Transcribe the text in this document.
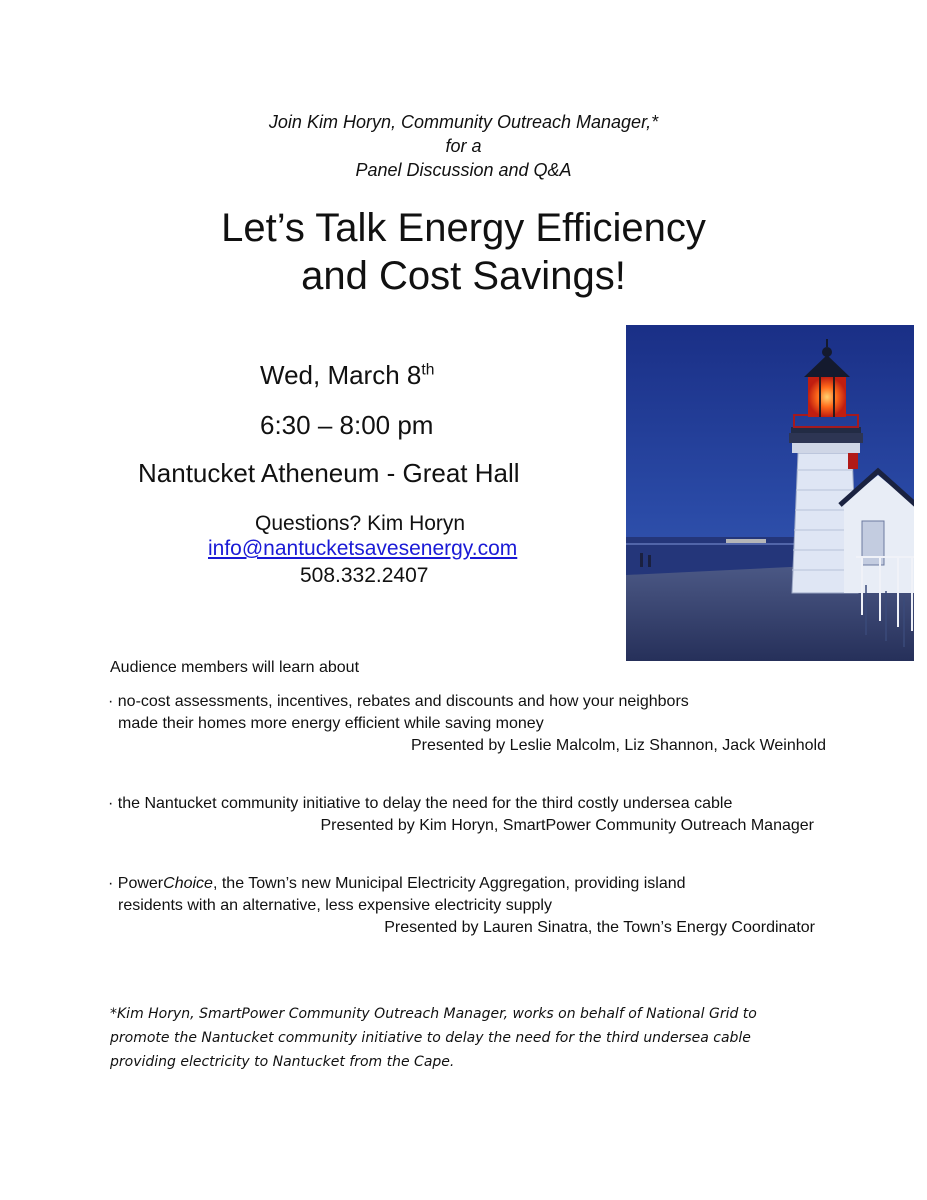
Join Kim Horyn, Community Outreach Manager,*
for a
Panel Discussion and Q&A
Let’s Talk Energy Efficiency
and Cost Savings!
Wed, March 8th
6:30 – 8:00 pm
Nantucket Atheneum - Great Hall
Questions? Kim Horyn
info@nantucketsavesenergy.com
508.332.2407
Audience members will learn about
· no-cost assessments, incentives, rebates and discounts and how your neighbors
made their homes more energy efficient while saving money
Presented by Leslie Malcolm, Liz Shannon, Jack Weinhold
· the Nantucket community initiative to delay the need for the third costly undersea cable
Presented by Kim Horyn, SmartPower Community Outreach Manager
· PowerChoice, the Town’s new Municipal Electricity Aggregation, providing island
residents with an alternative, less expensive electricity supply
Presented by Lauren Sinatra, the Town’s Energy Coordinator
*Kim Horyn, SmartPower Community Outreach Manager, works on behalf of National Grid to
promote the Nantucket community initiative to delay the need for the third undersea cable
providing electricity to Nantucket from the Cape.
